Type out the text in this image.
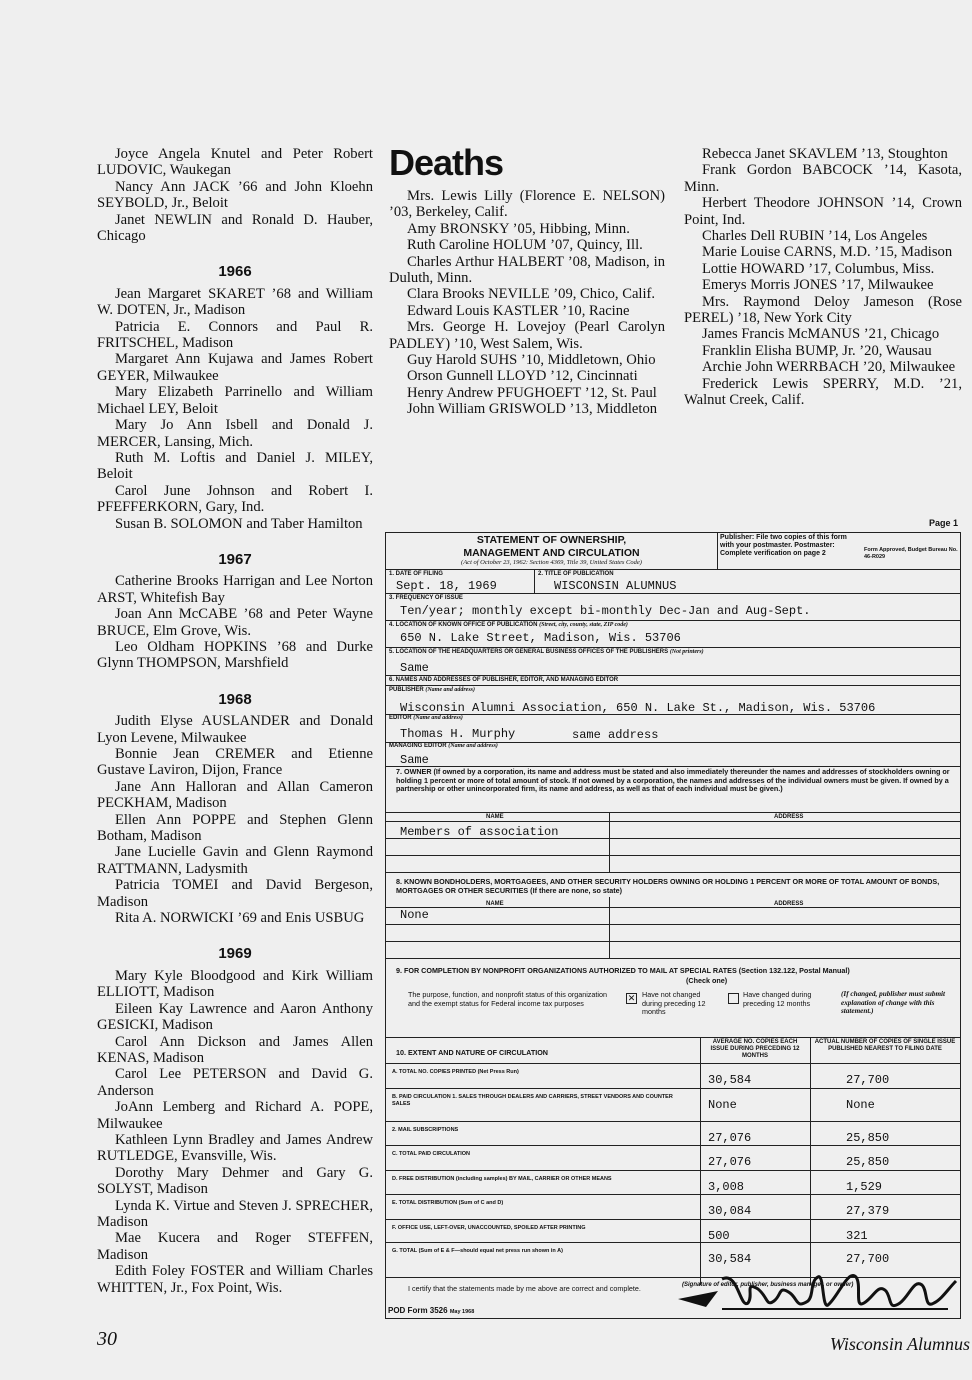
Joyce Angela Knutel and Peter Robert LUDOVIC, Waukegan

Nancy Ann JACK ’66 and John Kloehn SEYBOLD, Jr., Beloit

Janet NEWLIN and Ronald D. Hauber, Chicago

1966

Jean Margaret SKARET ’68 and William W. DOTEN, Jr., Madison

Patricia E. Connors and Paul R. FRITSCHEL, Madison

Margaret Ann Kujawa and James Robert GEYER, Milwaukee

Mary Elizabeth Parrinello and William Michael LEY, Beloit

Mary Jo Ann Isbell and Donald J. MERCER, Lansing, Mich.

Ruth M. Loftis and Daniel J. MILEY, Beloit

Carol June Johnson and Robert I. PFEFFERKORN, Gary, Ind.

Susan B. SOLOMON and Taber Hamilton

1967

Catherine Brooks Harrigan and Lee Norton ARST, Whitefish Bay

Joan Ann McCABE ’68 and Peter Wayne BRUCE, Elm Grove, Wis.

Leo Oldham HOPKINS ’68 and Durke Glynn THOMPSON, Marshfield

1968

Judith Elyse AUSLANDER and Donald Lyon Levene, Milwaukee

Bonnie Jean CREMER and Etienne Gustave Laviron, Dijon, France

Jane Ann Halloran and Allan Cameron PECKHAM, Madison

Ellen Ann POPPE and Stephen Glenn Botham, Madison

Jane Lucielle Gavin and Glenn Raymond RATTMANN, Ladysmith

Patricia TOMEI and David Bergeson, Madison

Rita A. NORWICKI ’69 and Enis USBUG

1969

Mary Kyle Bloodgood and Kirk William ELLIOTT, Madison

Eileen Kay Lawrence and Aaron Anthony GESICKI, Madison

Carol Ann Dickson and James Allen KENAS, Madison

Carol Lee PETERSON and David G. Anderson

JoAnn Lemberg and Richard A. POPE, Milwaukee

Kathleen Lynn Bradley and James Andrew RUTLEDGE, Evansville, Wis.

Dorothy Mary Dehmer and Gary G. SOLYST, Madison

Lynda K. Virtue and Steven J. SPRECHER, Madison

Mae Kucera and Roger STEFFEN, Madison

Edith Foley FOSTER and William Charles WHITTEN, Jr., Fox Point, Wis.

Deaths

Mrs. Lewis Lilly (Florence E. NELSON) ’03, Berkeley, Calif.

Amy BRONSKY ’05, Hibbing, Minn.

Ruth Caroline HOLUM ’07, Quincy, Ill.

Charles Arthur HALBERT ’08, Madison, in Duluth, Minn.

Clara Brooks NEVILLE ’09, Chico, Calif.

Edward Louis KASTLER ’10, Racine

Mrs. George H. Lovejoy (Pearl Carolyn PADLEY) ’10, West Salem, Wis.

Guy Harold SUHS ’10, Middletown, Ohio

Orson Gunnell LLOYD ’12, Cincinnati

Henry Andrew PFUGHOEFT ’12, St. Paul

John William GRISWOLD ’13, Middleton

Rebecca Janet SKAVLEM ’13, Stoughton

Frank Gordon BABCOCK ’14, Kasota, Minn.

Herbert Theodore JOHNSON ’14, Crown Point, Ind.

Charles Dell RUBIN ’14, Los Angeles

Marie Louise CARNS, M.D. ’15, Madison

Lottie HOWARD ’17, Columbus, Miss.

Emerys Morris JONES ’17, Milwaukee

Mrs. Raymond Deloy Jameson (Rose PEREL) ’18, New York City

James Francis McMANUS ’21, Chicago

Franklin Elisha BUMP, Jr. ’20, Wausau

Archie John WERRBACH ’20, Milwaukee

Frederick Lewis SPERRY, M.D. ’21, Walnut Creek, Calif.

Page 1
STATEMENT OF OWNERSHIP,
MANAGEMENT AND CIRCULATION
(Act of October 23, 1962: Section 4369, Title 39, United States Code)
Publisher: File two copies of this form with your postmaster. Postmaster: Complete verification on page 2	Form Approved, Budget Bureau No. 46-R029
1. DATE OF FILING
Sept. 18, 1969
2. TITLE OF PUBLICATION
WISCONSIN ALUMNUS
3. FREQUENCY OF ISSUE
Ten/year; monthly except bi-monthly Dec-Jan and Aug-Sept.
4. LOCATION OF KNOWN OFFICE OF PUBLICATION (Street, city, county, state, ZIP code)
650 N. Lake Street, Madison, Wis. 53706
5. LOCATION OF THE HEADQUARTERS OR GENERAL BUSINESS OFFICES OF THE PUBLISHERS (Not printers)
Same
6. NAMES AND ADDRESSES OF PUBLISHER, EDITOR, AND MANAGING EDITOR
PUBLISHER (Name and address)
Wisconsin Alumni Association, 650 N. Lake St., Madison, Wis. 53706
EDITOR (Name and address)
Thomas H. Murphy	same address
MANAGING EDITOR (Name and address)
Same
7. OWNER (If owned by a corporation, its name and address must be stated and also immediately thereunder the names and addresses of stockholders owning or holding 1 percent or more of total amount of stock. If not owned by a corporation, the names and addresses of the individual owners must be given. If owned by a partnership or other unincorporated firm, its name and address, as well as that of each individual must be given.)
NAME	ADDRESS
Members of association
8. KNOWN BONDHOLDERS, MORTGAGEES, AND OTHER SECURITY HOLDERS OWNING OR HOLDING 1 PERCENT OR MORE OF TOTAL AMOUNT OF BONDS, MORTGAGES OR OTHER SECURITIES (If there are none, so state)
NAME	ADDRESS
None
9. FOR COMPLETION BY NONPROFIT ORGANIZATIONS AUTHORIZED TO MAIL AT SPECIAL RATES (Section 132.122, Postal Manual)
(Check one)
The purpose, function, and nonprofit status of this organization and the exempt status for Federal income tax purposes	✕ Have not changed during preceding 12 months
Have changed during preceding 12 months
(If changed, publisher must submit explanation of change with this statement.)
10. EXTENT AND NATURE OF CIRCULATION
AVERAGE NO. COPIES EACH ISSUE DURING PRECEDING 12 MONTHS
ACTUAL NUMBER OF COPIES OF SINGLE ISSUE PUBLISHED NEAREST TO FILING DATE
A. TOTAL NO. COPIES PRINTED (Net Press Run)
30,584	27,700
B. PAID CIRCULATION 1. SALES THROUGH DEALERS AND CARRIERS, STREET VENDORS AND COUNTER SALES	None	None
2. MAIL SUBSCRIPTIONS
27,076	25,850
C. TOTAL PAID CIRCULATION
27,076	25,850
D. FREE DISTRIBUTION (including samples) BY MAIL, CARRIER OR OTHER MEANS
3,008	1,529
E. TOTAL DISTRIBUTION (Sum of C and D)
30,084	27,379
F. OFFICE USE, LEFT-OVER, UNACCOUNTED, SPOILED AFTER PRINTING
500	321
G. TOTAL (Sum of E & F—should equal net press run shown in A)
30,584	27,700
I certify that the statements made by me above are correct and complete.	(Signature of editor, publisher, business manager, or owner)
POD Form 3526 May 1968
30	Wisconsin Alumnus
